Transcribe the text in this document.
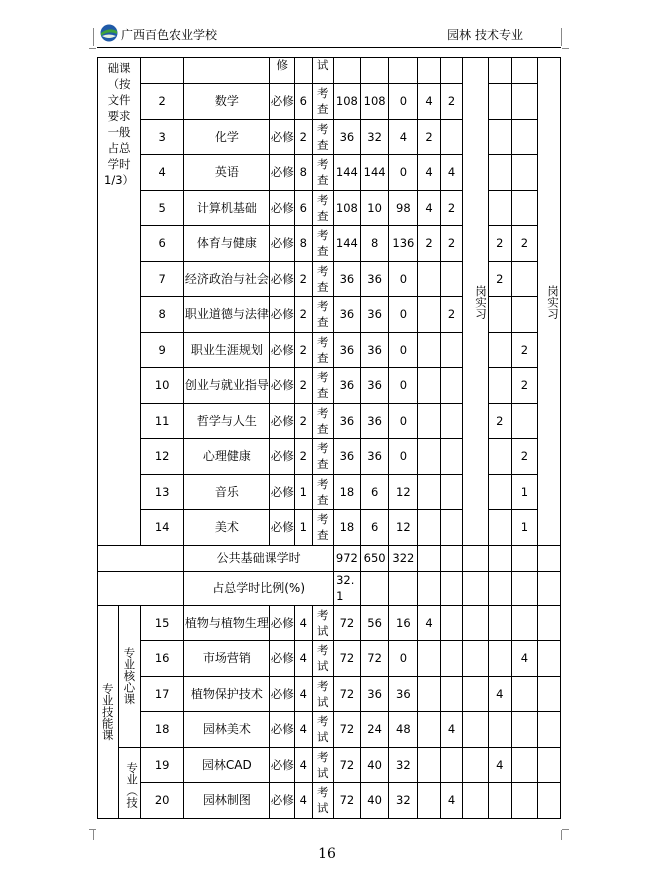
广西百色农业学校	园林 技术专业
础课（按文件要求一般占总学时1/3）				修		试						岗实习			岗实习
		2	数学	必修	6	考查	108	108	0	4	2				
		3	化学	必修	2	考查	36	32	4	2					
		4	英语	必修	8	考查	144	144	0	4	4				
		5	计算机基础	必修	6	考查	108	10	98	4	2				
		6	体育与健康	必修	8	考查	144	8	136	2	2		2	2	
		7	经济政治与社会	必修	2	考查	36	36	0				2		
		8	职业道德与法律	必修	2	考查	36	36	0		2				
		9	职业生涯规划	必修	2	考查	36	36	0					2	
		10	创业与就业指导	必修	2	考查	36	36	0					2	
		11	哲学与人生	必修	2	考查	36	36	0				2		
		12	心理健康	必修	2	考查	36	36	0					2	
		13	音乐	必修	1	考查	18	6	12					1	
		14	美术	必修	1	考查	18	6	12					1	
			公共基础课学时				972	650	322						
			占总学时比例(%)				32.1								
专业技能课	专业核心课	15	植物与植物生理	必修	4	考试	72	56	16	4					
		16	市场营销	必修	4	考试	72	72	0					4	
		17	植物保护技术	必修	4	考试	72	36	36				4		
		18	园林美术	必修	4	考试	72	24	48		4				
	专业（技	19	园林CAD	必修	4	考试	72	40	32				4		
		20	园林制图	必修	4	考试	72	40	32		4				
16
